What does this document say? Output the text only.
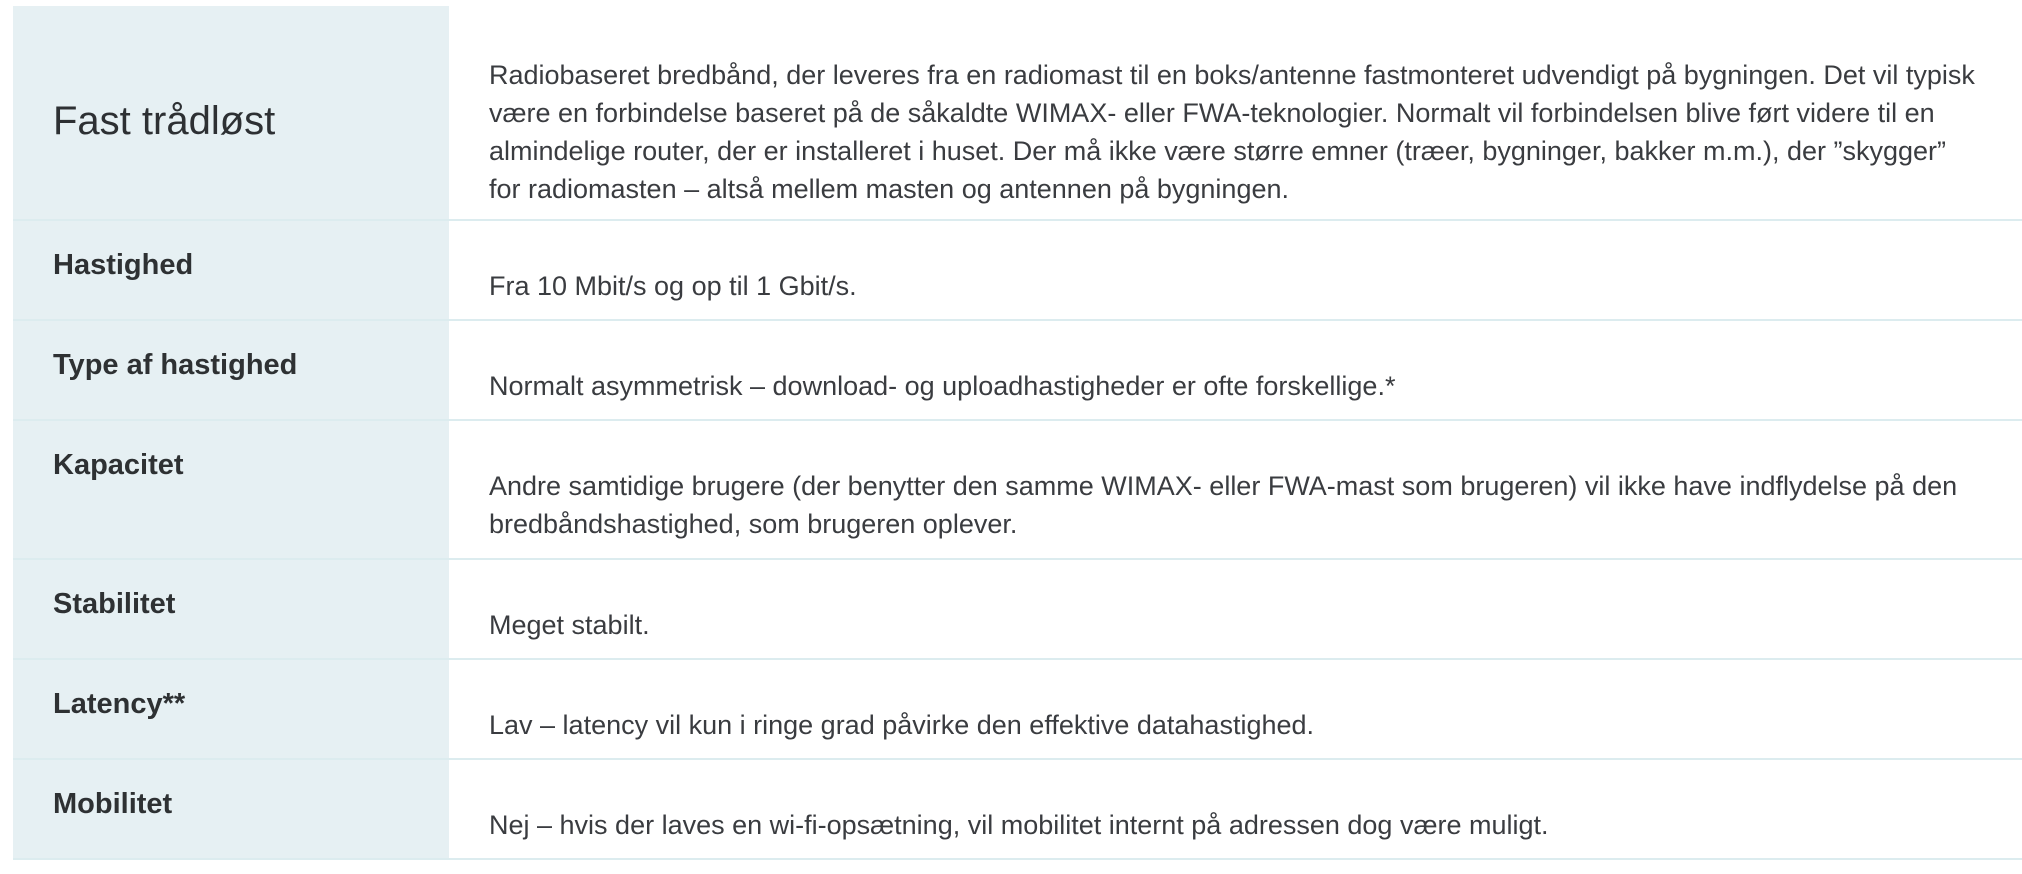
Fast trådløst
Radiobaseret bredbånd, der leveres fra en radiomast til en boks/antenne fastmonteret udvendigt på bygningen. Det vil typisk være en forbindelse baseret på de såkaldte WIMAX- eller FWA-teknologier. Normalt vil forbindelsen blive ført videre til en almindelige router, der er installeret i huset. Der må ikke være større emner (træer, bygninger, bakker m.m.), der ”skygger” for radiomasten – altså mellem masten og antennen på bygningen.
Hastighed
Fra 10 Mbit/s og op til 1 Gbit/s.
Type af hastighed
Normalt asymmetrisk – download- og uploadhastigheder er ofte forskellige.*
Kapacitet
Andre samtidige brugere (der benytter den samme WIMAX- eller FWA-mast som brugeren) vil ikke have indflydelse på den bredbåndshastighed, som brugeren oplever.
Stabilitet
Meget stabilt.
Latency**
Lav – latency vil kun i ringe grad påvirke den effektive datahastighed.
Mobilitet
Nej – hvis der laves en wi-fi-opsætning, vil mobilitet internt på adressen dog være muligt.
